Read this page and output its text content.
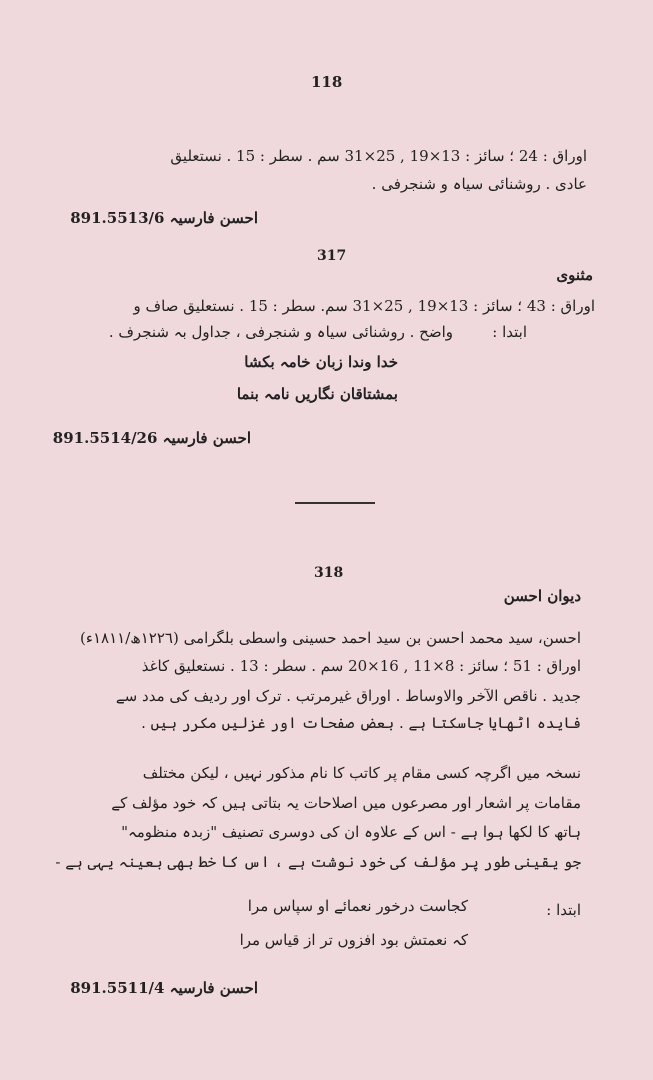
118
اوراق : 24 ؛ سائز : 13×19 , 25×31 سم . سطر : 15 . نستعلیق
عادی . روشنائی سیاہ و شنجرفی .
احسن فارسیہ 891.5513/6
317
مثنوی
اوراق : 43 ؛ سائز : 13×19 , 25×31 سم. سطر : 15 . نستعلیق صاف و
واضح . روشنائی سیاہ و شنجرفی ، جداول بہ شنجرف .	ابتدا :
خدا وندا زبان خامہ بکشا
بمشتاقان نگاریں نامہ بنما
احسن فارسیہ 891.5514/26
318
دیوان احسن
احسن، سید محمد احسن بن سید احمد حسینی واسطی بلگرامی (١٢٢٦ھ/١٨١١ء)
اوراق : 51 ؛ سائز : 8×11 , 16×20 سم . سطر : 13 . نستعلیق کاغذ
جدید . ناقص الآخر والاوساط . اوراق غیرمرتب . ترک اور ردیف کی مدد سے
فایدہ اٹھایا جاسکتا ہے . بعض صفحات اور غزلیں مکرر ہیں .
نسخہ میں اگرچہ کسی مقام پر کاتب کا نام مذکور نہیں ، لیکن مختلف
مقامات پر اشعار اور مصرعوں میں اصلاحات یہ بتاتی ہیں کہ خود مؤلف کے
ہاتھ کا لکھا ہوا ہے - اس کے علاوہ ان کی دوسری تصنیف "زبدہ منظومہ"
جو یقینی طور پر مؤلف کی خود نوشت ہے ، اس کا خط بھی بعینہ یہی ہے -
ابتدا :
کجاست درخور نعمائے او سپاس مرا
کہ نعمتش بود افزوں تر از قیاس مرا
احسن فارسیہ 891.5511/4
